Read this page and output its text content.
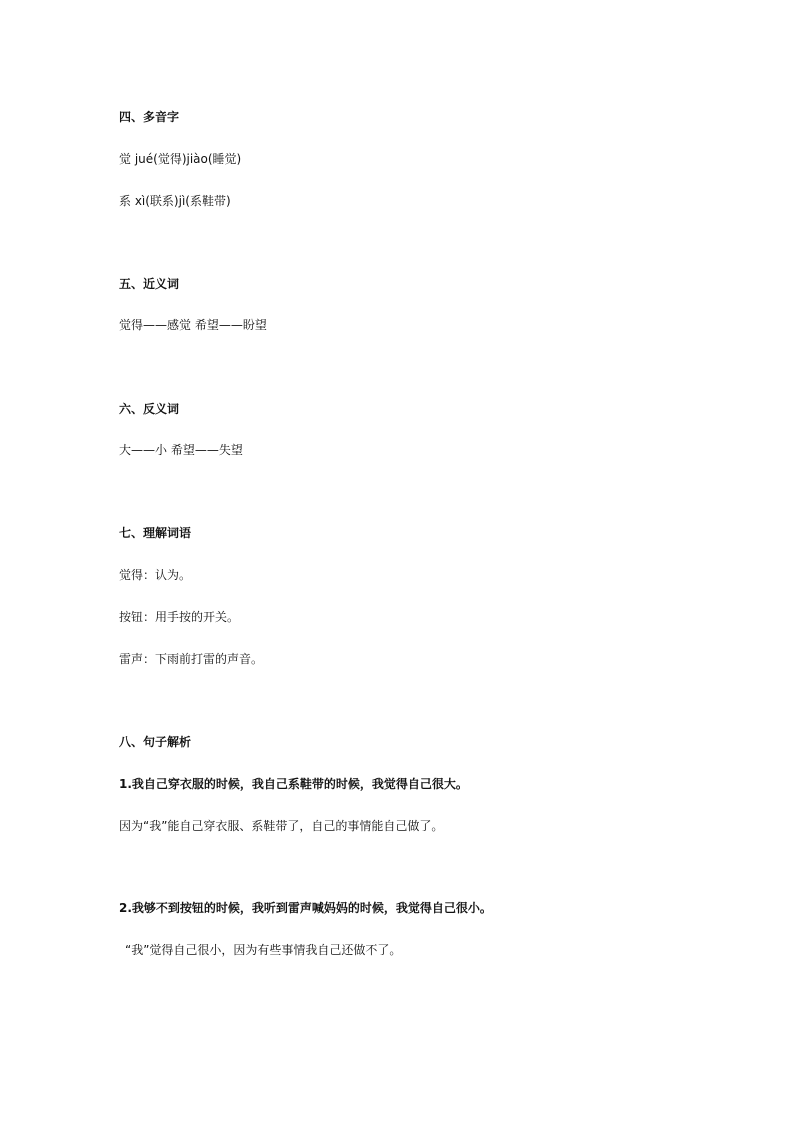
四、多音字
觉 jué(觉得)jiào(睡觉)
系 xì(联系)jì(系鞋带)
五、近义词
觉得——感觉 希望——盼望
六、反义词
大——小 希望——失望
七、理解词语
觉得：认为。
按钮：用手按的开关。
雷声：下雨前打雷的声音。
八、句子解析
1.我自己穿衣服的时候，我自己系鞋带的时候，我觉得自己很大。
因为“我”能自己穿衣服、系鞋带了，自己的事情能自己做了。
2.我够不到按钮的时候，我听到雷声喊妈妈的时候，我觉得自己很小。
“我”觉得自己很小，因为有些事情我自己还做不了。
